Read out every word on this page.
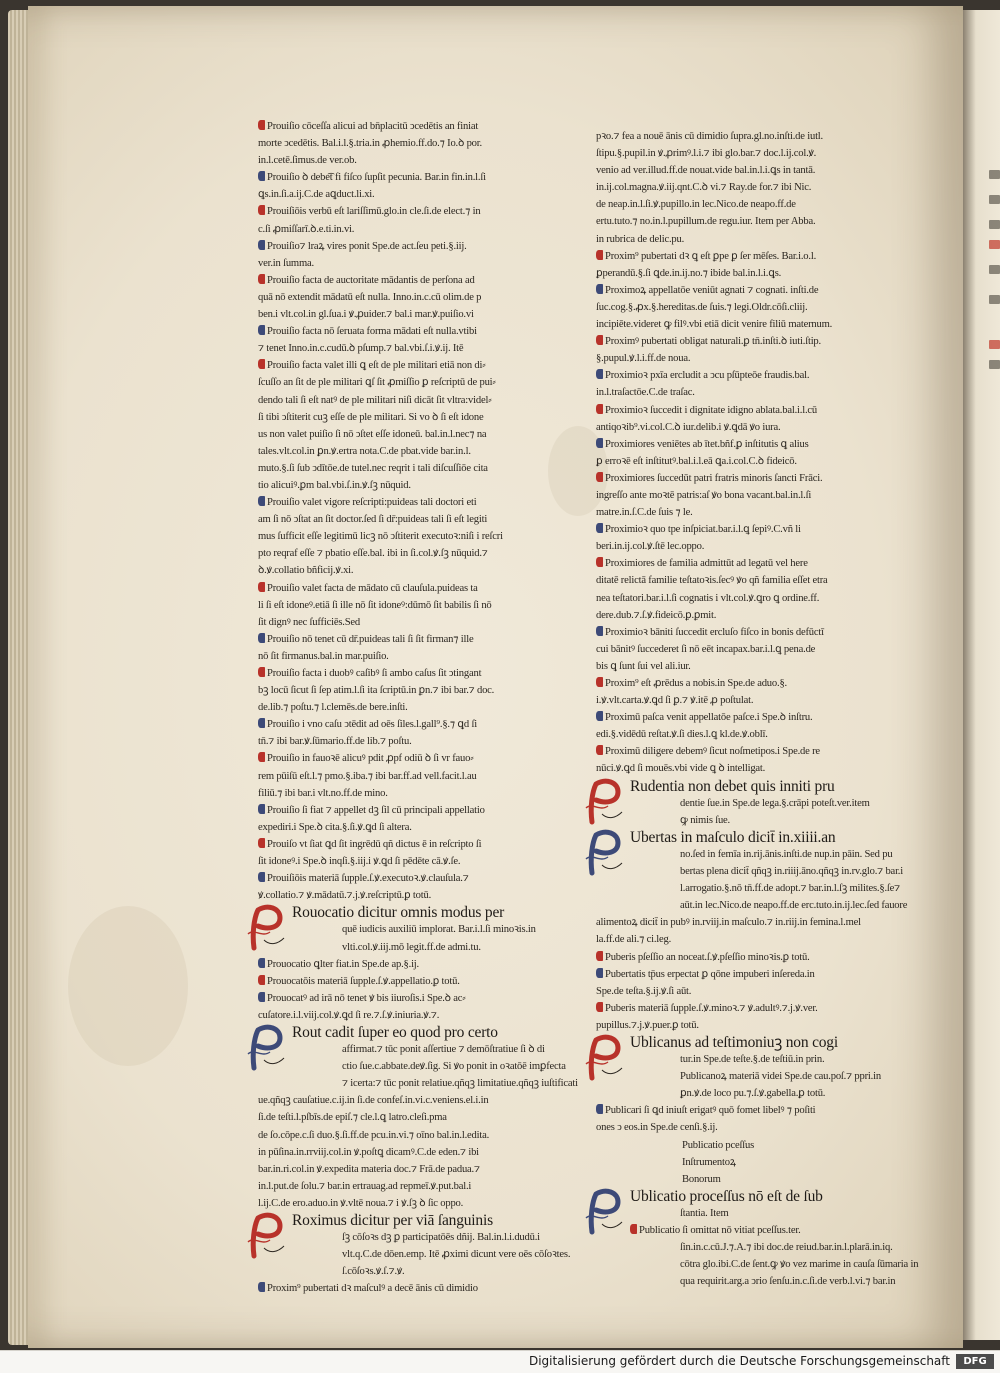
Prouiſio cōceſſa alicui ad bn̄placitū ↄcedētis an finiat
morte ↄcedētis. Bal.i.l.§.tria.in ꝓhemio.ff.do.⁊ Io.ꝺ por.
in.l.cetē.ſimus.de ver.ob.
Prouiſio ꝺ debe͡t fi fiſco ſupſit pecunia. Bar.in fin.in.l.ſi
ꝗs.in.ſi.a.ij.C.de aꝗduct.li.xi.
Prouiſiōis verbū eſt lariſſimū.glo.in cle.ſi.de elect.⁊ in
c.ſi ꝓmiſſarī.ꝺ.e.ti.in.vi.
Prouiſio⁊ lraꝝ vires ponit Spe.de act.ſeu peti.§.iij.
ver.in ſumma.
Prouiſio facta de auctoritate mādantis de perſona ad
quā nō extendit mādatū eſt nulla. Inno.in.c.cū olim.de p
ben.i vlt.col.in gl.ſua.i ꝟ.ꝓuider.⁊ bal.i mar.ꝟ.puiſio.vi
Prouiſio facta nō ſeruata forma mādati eſt nulla.vtibi
⁊ tenet Inno.in.c.cudū.ꝺ pſump.⁊ bal.vbi.ſ.i.ꝟ.ij. Itē
Prouiſio facta valet illi ꝗ eſt de ple militari etiā non di⸗
ſcuſſo an ſit de ple militari ꝗſ ſit ꝓmiſſio ꝑ reſcriptū de pui⸗
dendo tali ſi eſt natꝰ de ple militari niſi dicāt ſit vltra:videl⸗
ſi tibi ↄſtiterit cuꝫ eſſe de ple militari. Si vo ꝺ ſi eſt idone
us non valet puiſio ſi nō ↄſtet eſſe idoneū. bal.in.l.nec⁊ na
tales.vlt.col.in ꝑn.ꝟ.ertra nota.C.de pbat.vide bar.in.l.
muto.§.ſi ſub ↄdītōe.de tutel.nec reqrit i tali diſcuſſiōe cita
tio alicuiꝰ.ꝑm bal.vbi.ſ.in.ꝟ.ſꝫ nūquid.
Prouiſio valet vigore reſcripti:puideas tali doctori eti
am ſi nō ↄſtat an ſit doctor.ſed ſi dr̄:puideas tali ſi eſt legiti
mus ſufficit eſſe legitimū licꝫ nō ↄſtiterit executoꝛ:niſi i reſcri
pto reqraf eſſe ⁊ pbatio eſſe.bal. ibi in ſi.col.ꝟ.ſꝫ nūquid.⁊
ꝺ.ꝟ.collatio bñficij.ꝟ.xi.
Prouiſio valet facta de mādato cū clauſula.puideas ta
li ſi eſt idoneꝰ.etiā ſi ille nō ſit idoneꝰ:dūmō ſit babilis ſi nō
ſit dignꝰ nec ſufficiēs.Sed
Prouiſio nō tenet cū dr̄.puideas tali ſi ſit firman⁊ ille
nō ſit firmanus.bal.in mar.puiſio.
Prouiſio facta i duobꝰ caſibꝰ ſi ambo caſus ſit ↄtingant
bꝫ locū ſicut ſi ſep atim.l.ſi ita ſcriptū.in ꝑn.⁊ ibi bar.⁊ doc.
de.lib.⁊ poſtu.⁊ l.clemēs.de bere.inſti.
Prouiſio i vno caſu ↄtēdit ad oēs ſiles.l.gall⁹.§.⁊ ꝗd ſi
tn̄.⁊ ibi bar.ꝟ.ſūmario.ff.de lib.⁊ poſtu.
Prouiſio in fauoꝛē alicuꝰ pdit ꝓpf odiū ꝺ ſi vr fauo⸗
rem pūiſū eſt.l.⁊ pmo.§.iba.⁊ ibi bar.ff.ad vell.facit.l.au
filiū.⁊ ibi bar.i vlt.no.ff.de mino.
Prouiſio ſi fiat ⁊ appellet dꝫ ſil cū principali appellatio
expediri.i Spe.ꝺ cita.§.ſi.ꝟ.ꝗd ſi altera.
Prouiſo vt ſiat ꝗd ſit ingrēdū qñ dictus ē in reſcripto ſi
ſit idoneꝰ.i Spe.ꝺ inqſi.§.iij.i ꝟ.ꝗd ſi pēdēte cā.ꝟ.ſe.
Prouiſiōis materiā ſupple.ſ.ꝟ.executoꝛ.ꝟ.clauſula.⁊
ꝟ.collatio.⁊ ꝟ.mādatū.⁊.j.ꝟ.reſcriptū.ꝑ totū.
Rouocatio dicitur omnis modus per
quē iudicis auxiliū implorat. Bar.i.l.ſi minoꝛis.in
vlti.col.ꝟ.iij.mō legit.ff.de admi.tu.
Prouocatio ꝗlter fiat.in Spe.de ap.§.ij.
Prouocatōis materiā ſupple.ſ.ꝟ.appellatio.ꝑ totū.
Prouocatꝰ ad irā nō tenet ꝟ bis iiuroſis.i Spe.ꝺ ac⸗
cuſatore.i.l.viij.col.ꝟ.ꝗd ſi re.⁊.ſ.ꝟ.iniuria.ꝟ.⁊.
Rout cadit ſuper eo quod pro certo
affirmat.⁊ tūc ponit aſſertiue ⁊ demōſtratiue ſi ꝺ di
ctio ſue.c.abbate.deꝟ.ſig. Si ꝟo ponit in oꝛatōē imꝑfecta
⁊ icerta:⁊ tūc ponit relatiue.qñqꝫ limitatiue.qñqꝫ iuſtificati
ue.qñqꝫ cauſatiue.c.ij.in ſi.de confeſ.in.vi.c.veniens.el.i.in
ſi.de teſti.l.pſbīs.de epiſ.⁊ cle.l.ꝗ latro.cleſi.pma
de ſo.cōpe.c.ſi duo.§.ſi.ff.de pcu.in.vi.⁊ oīno bal.in.l.edita.
in pūſina.in.rrviij.col.in ꝟ.poſtꝗ dicamꝰ.C.de eden.⁊ ibi
bar.in.ri.col.in ꝟ.expedita materia doc.⁊ Frā.de padua.⁊
in.l.put.de ſolu.⁊ bar.in ertrauag.ad repmeī.ꝟ.put.bal.i
l.ij.C.de ero.aduo.in ꝟ.vltē noua.⁊ i ꝟ.ſꝫ ꝺ ſic oppo.
Roximus dicitur per viā ſanguinis
ſꝫ cōſoꝛs dꝫ ꝑ participatōēs dñij. Bal.in.l.i.dudū.i
vlt.q.C.de dōen.emp. Itē ꝓximi dicunt vere oēs cōſoꝛtes.
ſ.cōſoꝛs.ꝟ.ſ.⁊.ꝟ.
Proxim⁹ pubertati dꝛ maſculꝰ a decē ānis cū dimidio
pꝛo.⁊ fea a nouē ānis cū dimidio ſupra.gl.no.inſti.de iutl.
ſtipu.§.pupil.in ꝟ.ꝓrimꝰ.l.i.⁊ ibi glo.bar.⁊ doc.l.ij.col.ꝟ.
venio ad ver.illud.ff.de nouat.vide bal.in.l.i.ꝗs in tantā.
in.ij.col.magna.ꝟ.iij.qnt.C.ꝺ vi.⁊ Ray.de for.⁊ ibi Nic.
de neap.in.l.ſi.ꝟ.pupillo.in lec.Nico.de neapo.ff.de
ertu.tuto.⁊ no.in.l.pupillum.de regu.iur. Item per Abba.
in rubrica de delic.pu.
Proxim⁹ pubertati dꝛ ꝗ eſt ꝑpe ꝑ ſer mēſes. Bar.i.o.l.
ꝑperandū.§.ſi ꝗde.in.ij.no.⁊ ibide bal.in.l.i.ꝗs.
Proximoꝝ appellatōe veniūt agnati ⁊ cognati. inſti.de
ſuc.cog.§.ꝓx.§.hereditas.de ſuis.⁊ legi.Oldr.cōſi.cliij.
incipiēte.videret ꝙ filꝰ.vbi etiā dicit venire filiū maternum.
Proximꝰ pubertati obligat naturali.ꝑ tn̄.inſti.ꝺ iuti.ſtip.
§.pupul.ꝟ.l.i.ff.de noua.
Proximioꝛ pxīa ercludit a ↄcu pſūpteōe fraudis.bal.
in.l.traſactōe.C.de traſac.
Proximioꝛ ſuccedit i dignitate idigno ablata.bal.i.l.cū
antiqoꝛib⁹.vi.col.C.ꝺ iur.delib.i ꝟ.ꝗdā ꝟo iura.
Proximiores veniētes ab ītet.bñf.ꝑ inſtitutis ꝗ alius
ꝑ erroꝛē eſt inſtitutꝰ.bal.i.l.eā ꝗa.i.col.C.ꝺ fideicō.
Proximiores ſuccedūt patri fratris minoris ſancti Frāci.
ingreſſo ante moꝛtē patris:aſ ꝟo bona vacant.bal.in.l.ſi
matre.in.ſ.C.de ſuis ⁊ le.
Proximioꝛ quo tpe inſpiciat.bar.i.l.ꝗ ſepiꝰ.C.vñ li
beri.in.ij.col.ꝟ.ſtē lec.oppo.
Proximiores de familia admittūt ad legatū vel here
ditatē relictā familie teſtatoꝛis.ſecꝰ ꝟo qñ familia eſſet etra
nea teſtatori.bar.i.l.ſi cognatis i vlt.col.ꝟ.ꝗro ꝗ ordine.ff.
dere.dub.⁊.ſ.ꝟ.fideicō.ꝑ.ꝑmit.
Proximioꝛ bāniti ſuccedit ercluſo fiſco in bonis defūctī
cui bānitꝰ ſuccederet ſi nō eēt incapax.bar.i.l.ꝗ pena.de
bis ꝗ ſunt ſui vel ali.iur.
Proxim⁹ eſt ꝓrēdus a nobis.in Spe.de aduo.§.
i.ꝟ.vlt.carta.ꝟ.ꝗd ſi ꝑ.⁊ ꝟ.itē ꝓ poſtulat.
Proximū paſca venit appellatōe paſce.i Spe.ꝺ inſtru.
edi.§.vidēdū reſtat.ꝟ.ſi dies.l.ꝗ kl.de.ꝟ.oblī.
Proximū diligere debemꝰ ſicut noſmetipos.i Spe.de re
nūci.ꝟ.ꝗd ſi mouēs.vbi vide ꝗ ꝺ intelligat.
Rudentia non debet quis inniti pru
dentie ſue.in Spe.de lega.§.crāpi poteſt.ver.item
ꝙ nimis ſue.
Ubertas in maſculo dicit̄ in.xiiii.an
no.ſed in femīa in.rij.ānis.inſti.de nup.in pāin. Sed pu
bertas plena dicit̄ qñqꝫ in.riiij.āno.qñqꝫ in.rv.glo.⁊ bar.i
l.arrogatio.§.nō tn̄.ff.de adopt.⁊ bar.in.l.ſꝫ milites.§.ſe⁊
aūt.in lec.Nico.de neapo.ff.de erc.tuto.in.ij.lec.ſed fauore
alimentoꝝ dicit̄ in pubꝰ in.rviij.in maſculo.⁊ in.riij.in femina.l.mel
la.ff.de ali.⁊ ci.leg.
Puberis pſeſſio an noceat.ſ.ꝟ.pſeſſio minoꝛis.ꝑ totū.
Pubertatis tp̄us erpectat ꝑ qōne impuberi inſereda.in
Spe.de teſta.§.ij.ꝟ.ſi aūt.
Puberis materiā ſupple.ſ.ꝟ.minoꝛ.⁊ ꝟ.adultꝰ.⁊.j.ꝟ.ver.
pupillus.⁊.j.ꝟ.puer.ꝑ totū.
Ublicanus ad teſtimoniuꝫ non cogi
tur.in Spe.de teſte.§.de teſtiū.in prin.
Publicanoꝝ materiā videi Spe.de cau.poſ.⁊ ppri.in
ꝑn.ꝟ.de loco pu.⁊.ſ.ꝟ.gabella.ꝑ totū.
Publicari ſi ꝗd iniuſt erigatꝰ quō fomet libelꝰ ⁊ poſiti
ones ↄ eos.in Spe.de cenſi.§.ij.
Publicatio pceſſus
Inſtrumentoꝝ
Bonorum
Ublicatio proceſſus nō eſt de ſub
ſtantia. Item
Publicatio ſi omittat nō vitiat pceſſus.ter.
ſin.in.c.cū.J.⁊.A.⁊ ibi doc.de reiud.bar.in.l.plarā.in.iq.
cōtra glo.ibi.C.de ſent.ꝙ ꝟo vez marime in cauſa ſūmaria in
qua requirit.arg.a ↄrio ſenſu.in.c.ſi.de verb.l.vi.⁊ bar.in
Digitalisierung gefördert durch die Deutsche Forschungsgemeinschaft	DFG
